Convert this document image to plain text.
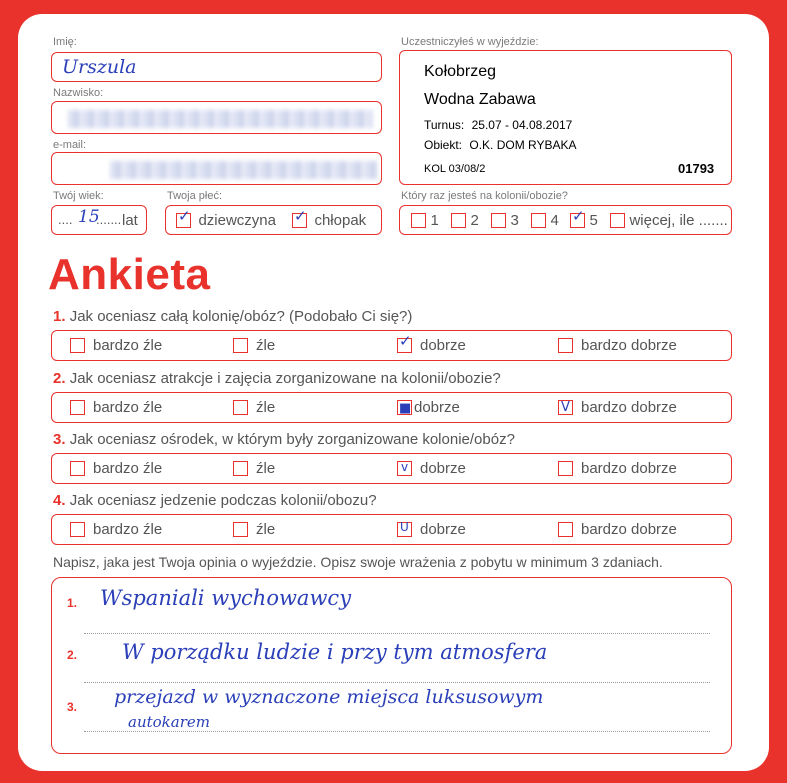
Imię:
Urszula
Nazwisko:
e-mail:
Twój wiek:
.... 15
....... lat
Twoja płeć:
✓ dziewczyna ✓ chłopak
Uczestniczyłeś w wyjeździe:
Kołobrzeg
Wodna Zabawa
Turnus: 25.07 - 04.08.2017
Obiekt: O.K. DOM RYBAKA
KOL 03/08/2	01793
Który raz jesteś na kolonii/obozie?
1	2	3	4 ✓ 5	więcej, ile .......
Ankieta
1. Jak oceniasz całą kolonię/obóz? (Podobało Ci się?)
bardzo źle	źle	✓ dobrze	bardzo dobrze
2. Jak oceniasz atrakcje i zajęcia zorganizowane na kolonii/obozie?
bardzo źle	źle	■ dobrze	V bardzo dobrze
3. Jak oceniasz ośrodek, w którym były zorganizowane kolonie/obóz?
bardzo źle	źle	v dobrze	bardzo dobrze
4. Jak oceniasz jedzenie podczas kolonii/obozu?
bardzo źle	źle	U dobrze	bardzo dobrze
Napisz, jaka jest Twoja opinia o wyjeździe. Opisz swoje wrażenia z pobytu w minimum 3 zdaniach.
1. Wspaniali wychowawcy
2. W porządku ludzie i przy tym atmosfera
3. przejazd w wyznaczone miejsca luksusowym
autokarem
